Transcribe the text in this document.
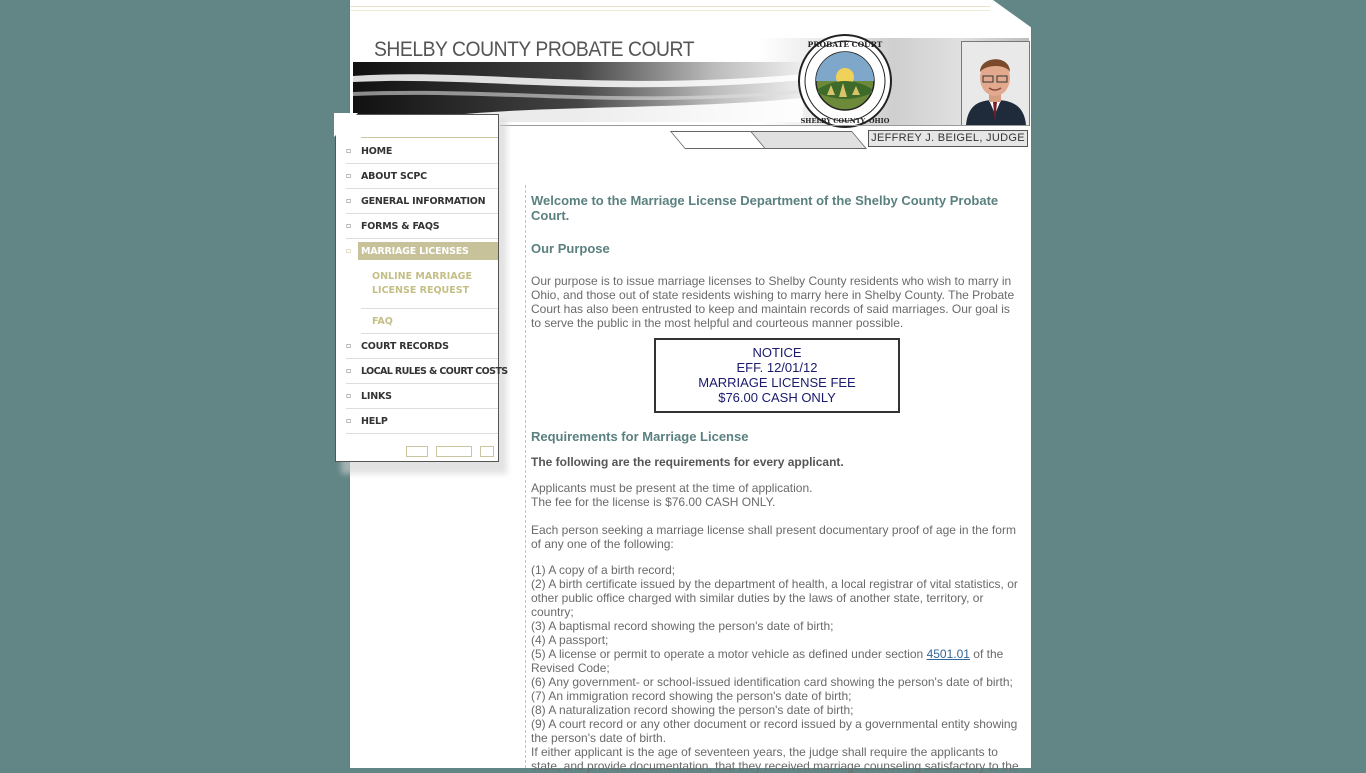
SHELBY COUNTY PROBATE COURT	PROBATE COURT
SHELBY COUNTY, OHIO
JEFFREY J. BEIGEL, JUDGE
▫ HOME
▫ ABOUT SCPC
▫ GENERAL INFORMATION
▫ FORMS & FAQS
▫ MARRIAGE LICENSES
ONLINE MARRIAGE
LICENSE REQUEST
FAQ
▫ COURT RECORDS
▫ LOCAL RULES & COURT COSTS
▫ LINKS
▫ HELP

Welcome to the Marriage License Department of the Shelby County Probate Court.

Our Purpose

Our purpose is to issue marriage licenses to Shelby County residents who wish to marry in Ohio, and those out of state residents wishing to marry here in Shelby County. The Probate Court has also been entrusted to keep and maintain records of said marriages. Our goal is to serve the public in the most helpful and courteous manner possible.

NOTICE
EFF. 12/01/12
MARRIAGE LICENSE FEE
$76.00 CASH ONLY

Requirements for Marriage License

The following are the requirements for every applicant.

Applicants must be present at the time of application.

The fee for the license is $76.00 CASH ONLY.

Each person seeking a marriage license shall present documentary proof of age in the form of any one of the following:

(1) A copy of a birth record;

(2) A birth certificate issued by the department of health, a local registrar of vital statistics, or other public office charged with similar duties by the laws of another state, territory, or country;

(3) A baptismal record showing the person's date of birth;

(4) A passport;

(5) A license or permit to operate a motor vehicle as defined under section 4501.01 of the Revised Code;

(6) Any government- or school-issued identification card showing the person's date of birth;

(7) An immigration record showing the person's date of birth;

(8) A naturalization record showing the person's date of birth;

(9) A court record or any other document or record issued by a governmental entity showing the person's date of birth.

If either applicant is the age of seventeen years, the judge shall require the applicants to state, and provide documentation, that they received marriage counseling satisfactory to the
